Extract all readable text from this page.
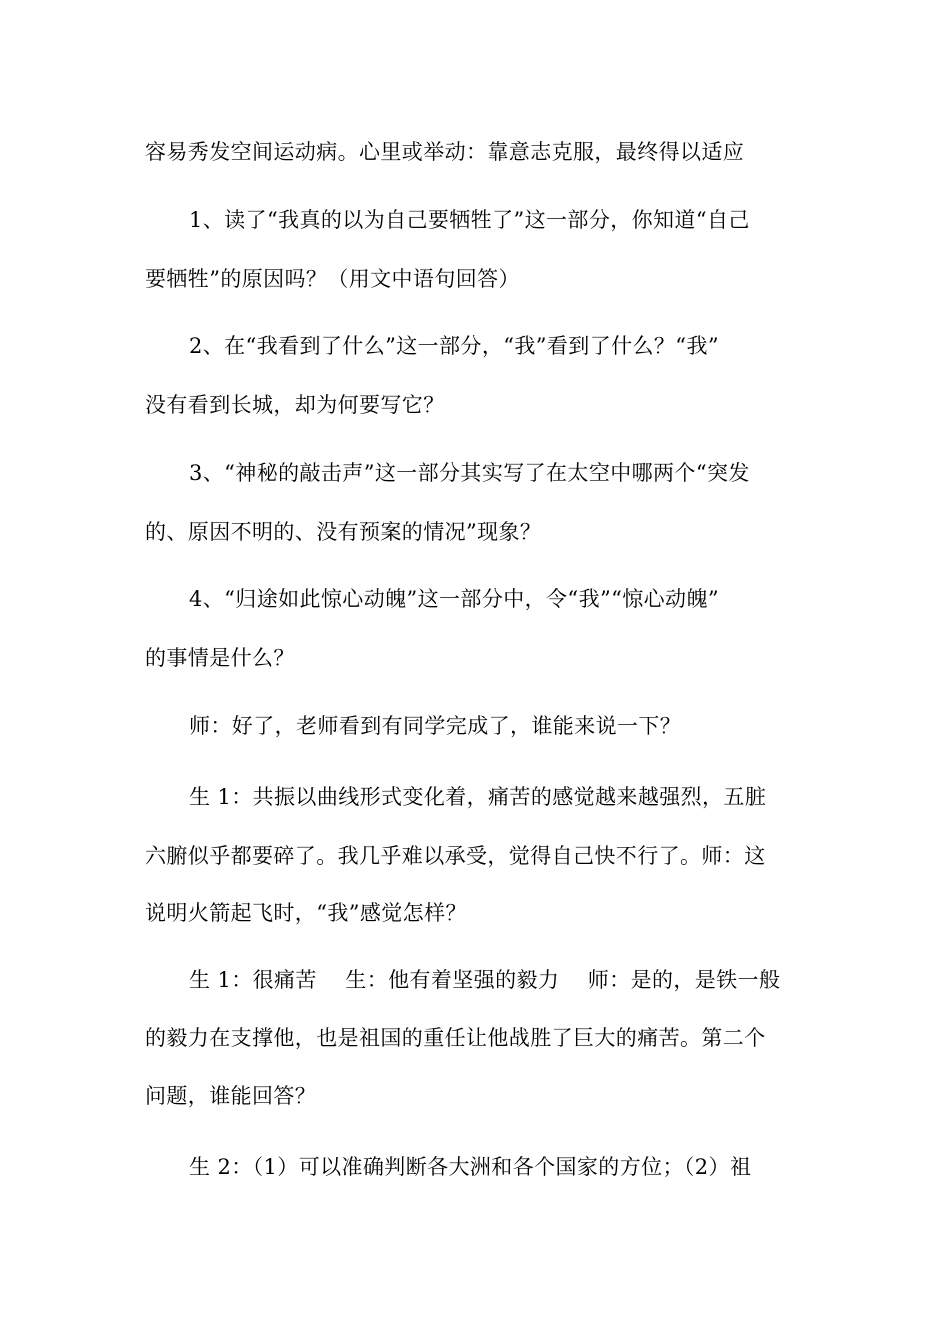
容易秀发空间运动病。心里或举动：靠意志克服，最终得以适应
1、读了“我真的以为自己要牺牲了”这一部分，你知道“自己
要牺牲”的原因吗？（用文中语句回答）
2、在“我看到了什么”这一部分，“我”看到了什么？“我”
没有看到长城，却为何要写它？
3、“神秘的敲击声”这一部分其实写了在太空中哪两个“突发
的、原因不明的、没有预案的情况”现象？
4、“归途如此惊心动魄”这一部分中，令“我”“惊心动魄”
的事情是什么？
师：好了，老师看到有同学完成了，谁能来说一下？
生 1：共振以曲线形式变化着，痛苦的感觉越来越强烈，五脏
六腑似乎都要碎了。我几乎难以承受，觉得自己快不行了。师：这
说明火箭起飞时，“我”感觉怎样？
生 1：很痛苦　 生：他有着坚强的毅力　 师：是的，是铁一般
的毅力在支撑他，也是祖国的重任让他战胜了巨大的痛苦。第二个
问题，谁能回答？
生 2：（1）可以准确判断各大洲和各个国家的方位；（2）祖
